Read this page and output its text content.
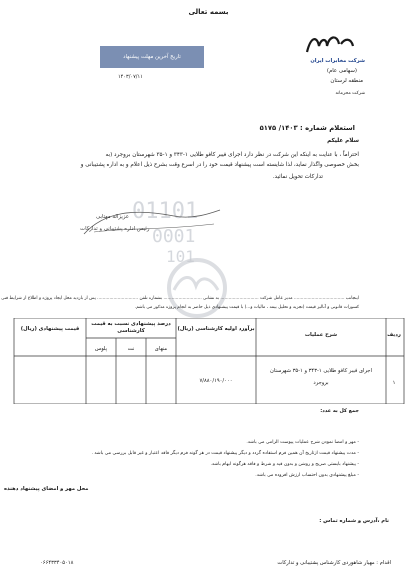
بسمه تعالی
شرکت مخابرات ایران
(سهامی عام)
منطقه لرستان
شرکت محرمانه
تاریخ آخرین مهلت پیشنهاد
۱۴۰۳/۰۷/۱۱
استعلام شماره : ۱۴۰۳/ ۵۱۷۵
سلام علیکم
احتراماً ، با عنایت به اینکه این شرکت در نظر دارد اجرای فیبر کافو طلایی ۱-۳۴۳ و ۱-۳۵ شهرستان بروجرد (به
بخش خصوصی واگذار نماید، لذا شایسته است پیشنهاد قیمت خود را در اسرع وقت بشرح ذیل اعلام و به اداره پشتیبانی و
تدارکات تحویل نمائید.
01101
0001
101
عزیزاله مهتابی
رئیس اداره پشتیبانی و تدارکات
اینجانب ..................................... مدیر عامل شرکت ............................ به نشانی ............................ بشماره تلفن .............................. پس از بازدید محل ایجاد پروژه و اطلاع از شرایط فنی
کسورات قانونی و آنالیز قیمت (تجزیه و تحلیل بیمه ، مالیات و...) با قیمت پیشنهادی ذیل حاضر به انجام پروژه مذکور می باشم.
ردیف
شرح عملیات
برآورد اولیه کارشناسی (ریال)
درصد پیشنهادی نسبت به قیمت کارشناسی
منهای
نت
پلوس
قیمت پیشنهادی (ریال)
۱
اجرای فیبر کافو طلایی ۱-۳۴۳ و ۱-۳۵ شهرستان
بروجرد
۷/۸۸۰/۱۹۰/۰۰۰
جمع کل به عدد:
- مهر و امضا نمودن شرح عملیات پیوست الزامی می باشد.
- مدت پیشنهاد قیمت ازتاریخ آن همین فرم استفاده گردد و دیگر پیشنهاد قیمت در هر گونه فرم دیگر فاقد اعتبار و غیر قابل بررسی می باشد .
- پیشنهاد بایستی صریح و روشن و بدون قید و شرط و فاقد هرگونه ابهام باشد.
- مبلغ پیشنهادی بدون احتساب ارزش افزوده می باشد.
محل مهر و امضای پیشنهاد دهنده
نام ،آدرس و شماره تماس :
اقدام : مهیار شاهوردی کارشناس پشتیبانی و تدارکات
۰۶۶۴۳۳۴۰۵۰۱۸
